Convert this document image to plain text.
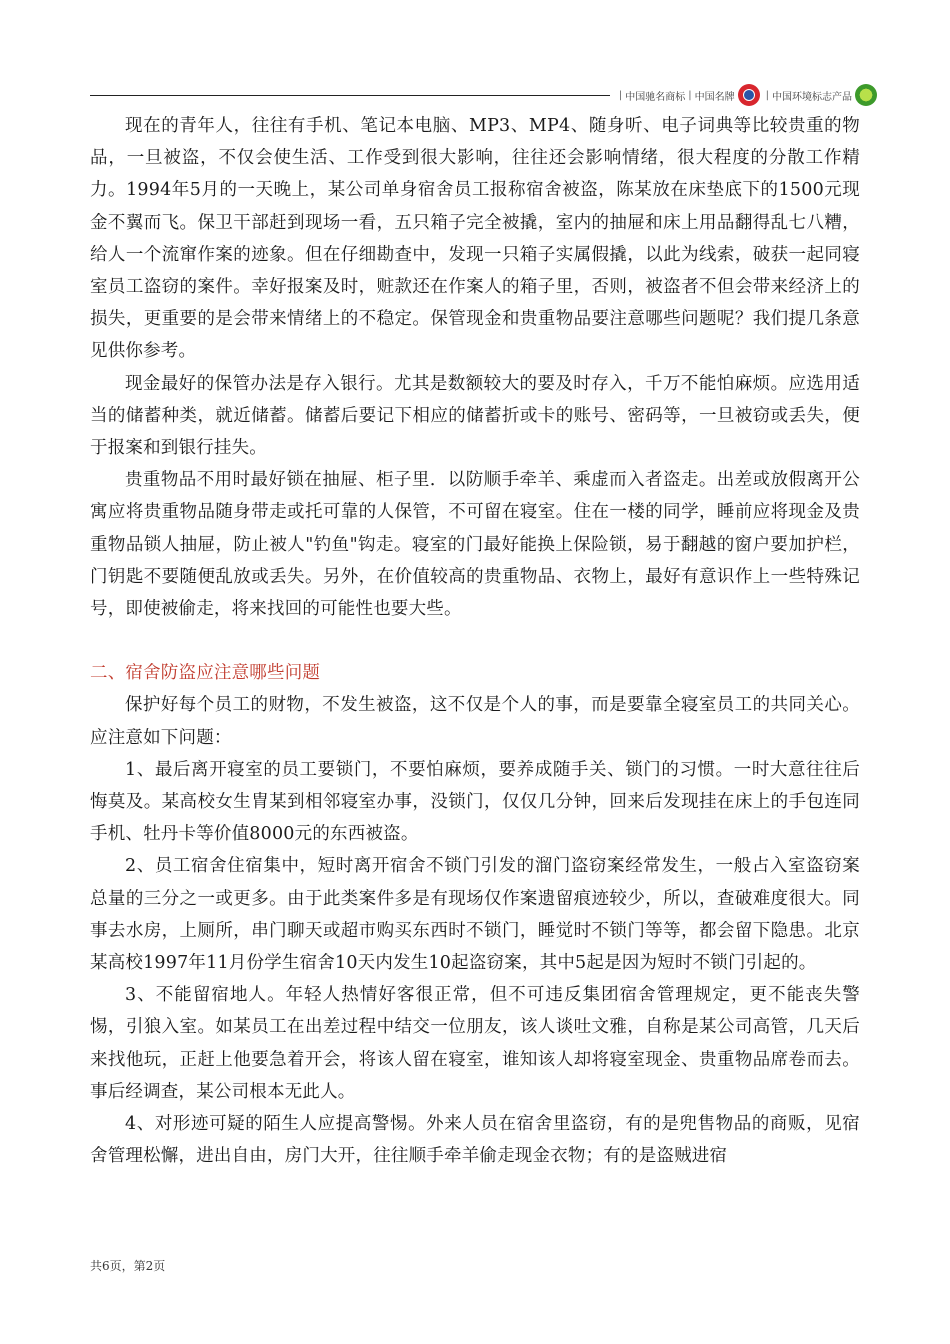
| 中国驰名商标 | 中国名牌	| 中国环境标志产品

现在的青年人，往往有手机、笔记本电脑、MP3、MP4、随身听、电子词典等比较贵重的物品，一旦被盗，不仅会使生活、工作受到很大影响，往往还会影响情绪，很大程度的分散工作精力。1994年5月的一天晚上，某公司单身宿舍员工报称宿舍被盗，陈某放在床垫底下的1500元现金不翼而飞。保卫干部赶到现场一看，五只箱子完全被撬，室内的抽屉和床上用品翻得乱七八糟，给人一个流窜作案的迹象。但在仔细勘查中，发现一只箱子实属假撬，以此为线索，破获一起同寝室员工盗窃的案件。幸好报案及时，赃款还在作案人的箱子里，否则，被盗者不但会带来经济上的损失，更重要的是会带来情绪上的不稳定。保管现金和贵重物品要注意哪些问题呢？我们提几条意见供你参考。

现金最好的保管办法是存入银行。尤其是数额较大的要及时存入，千万不能怕麻烦。应选用适当的储蓄种类，就近储蓄。储蓄后要记下相应的储蓄折或卡的账号、密码等，一旦被窃或丢失，便于报案和到银行挂失。

贵重物品不用时最好锁在抽屉、柜子里．以防顺手牵羊、乘虚而入者盗走。出差或放假离开公寓应将贵重物品随身带走或托可靠的人保管，不可留在寝室。住在一楼的同学，睡前应将现金及贵重物品锁人抽屉，防止被人"钓鱼"钩走。寝室的门最好能换上保险锁，易于翻越的窗户要加护栏，门钥匙不要随便乱放或丢失。另外，在价值较高的贵重物品、衣物上，最好有意识作上一些特殊记号，即使被偷走，将来找回的可能性也要大些。

二、宿舍防盗应注意哪些问题

保护好每个员工的财物，不发生被盗，这不仅是个人的事，而是要靠全寝室员工的共同关心。应注意如下问题：

1、最后离开寝室的员工要锁门，不要怕麻烦，要养成随手关、锁门的习惯。一时大意往往后悔莫及。某高校女生胄某到相邻寝室办事，没锁门，仅仅几分钟，回来后发现挂在床上的手包连同手机、牡丹卡等价值8000元的东西被盗。

2、员工宿舍住宿集中，短时离开宿舍不锁门引发的溜门盗窃案经常发生，一般占入室盗窃案总量的三分之一或更多。由于此类案件多是有现场仅作案遗留痕迹较少，所以，查破难度很大。同事去水房，上厕所，串门聊天或超市购买东西时不锁门，睡觉时不锁门等等，都会留下隐患。北京某高校1997年11月份学生宿舍10天内发生10起盗窃案，其中5起是因为短时不锁门引起的。

3、不能留宿地人。年轻人热情好客很正常，但不可违反集团宿舍管理规定，更不能丧失警惕，引狼入室。如某员工在出差过程中结交一位朋友，该人谈吐文雅，自称是某公司高管，几天后来找他玩，正赶上他要急着开会，将该人留在寝室，谁知该人却将寝室现金、贵重物品席卷而去。事后经调查，某公司根本无此人。

4、对形迹可疑的陌生人应提高警惕。外来人员在宿舍里盗窃，有的是兜售物品的商贩，见宿舍管理松懈，进出自由，房门大开，往往顺手牵羊偷走现金衣物；有的是盗贼进宿

共6页，第2页
